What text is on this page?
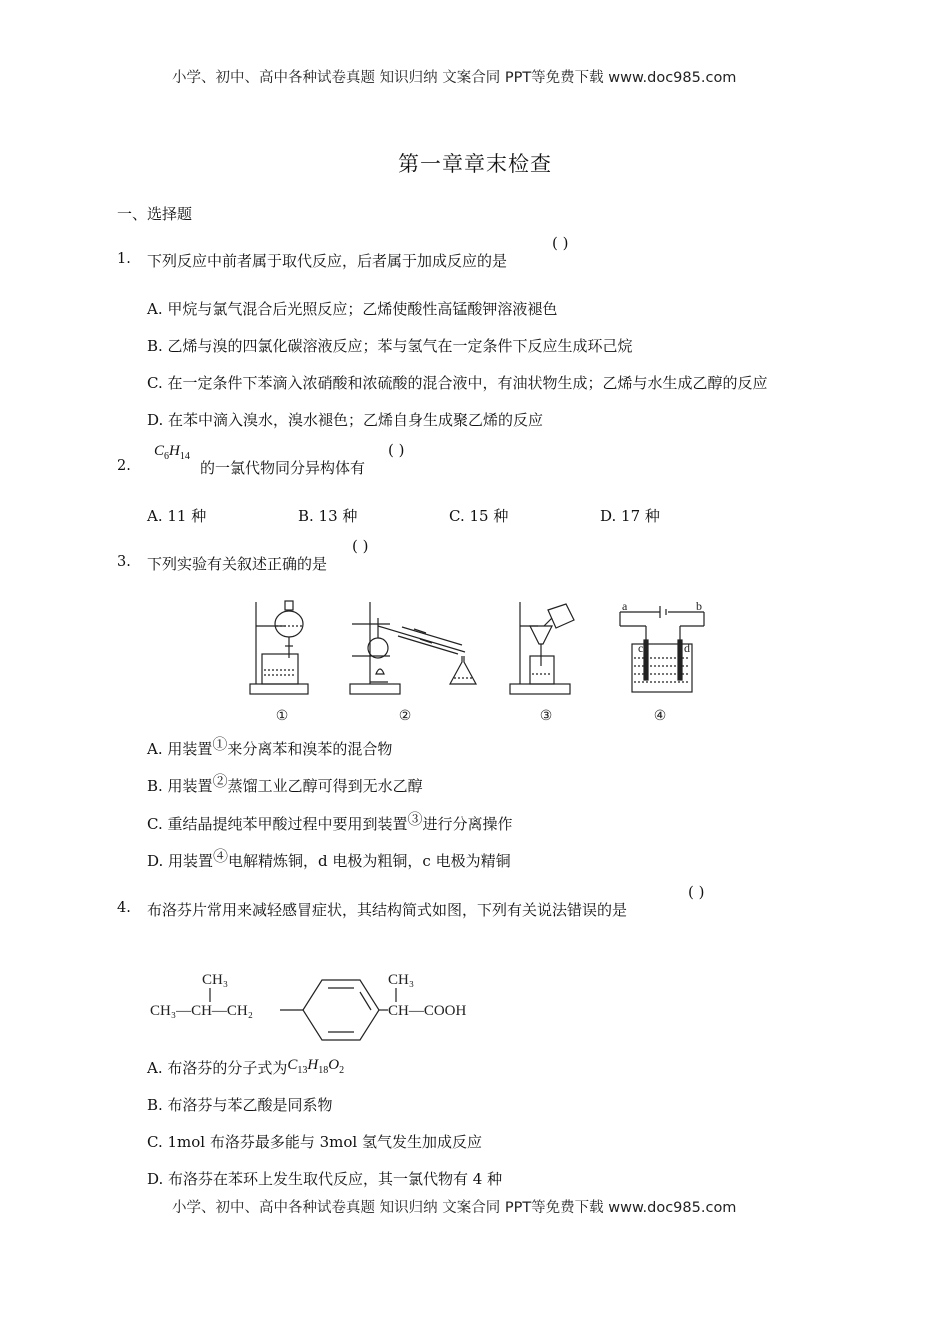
小学、初中、高中各种试卷真题 知识归纳 文案合同 PPT等免费下载 www.doc985.com
第一章章末检查
一、选择题
1. 下列反应中前者属于取代反应，后者属于加成反应的是
( )
A. 甲烷与氯气混合后光照反应；乙烯使酸性高锰酸钾溶液褪色
B. 乙烯与溴的四氯化碳溶液反应；苯与氢气在一定条件下反应生成环己烷
C. 在一定条件下苯滴入浓硝酸和浓硫酸的混合液中，有油状物生成；乙烯与水生成乙醇的反应
D. 在苯中滴入溴水，溴水褪色；乙烯自身生成聚乙烯的反应
2.
$C_6H_{14}$
的一氯代物同分异构体有
( )
A. 11 种	B. 13 种	C. 15 种	D. 17 种
3. 下列实验有关叙述正确的是
( )
a	b
c	d
①	②	③	④
A. 用装置①来分离苯和溴苯的混合物
B. 用装置②蒸馏工业乙醇可得到无水乙醇
C. 重结晶提纯苯甲酸过程中要用到装置③进行分离操作
D. 用装置④电解精炼铜，d 电极为粗铜，c 电极为精铜
4. 布洛芬片常用来减轻感冒症状，其结构简式如图，下列有关说法错误的是
( )
CH₃
CH₃—CH—CH₂
CH₃
CH—COOH
A. 布洛芬的分子式为$C_{13}H_{18}O_2$
B. 布洛芬与苯乙酸是同系物
C. 1mol 布洛芬最多能与 3mol 氢气发生加成反应
D. 布洛芬在苯环上发生取代反应，其一氯代物有 4 种
小学、初中、高中各种试卷真题 知识归纳 文案合同 PPT等免费下载 www.doc985.com
